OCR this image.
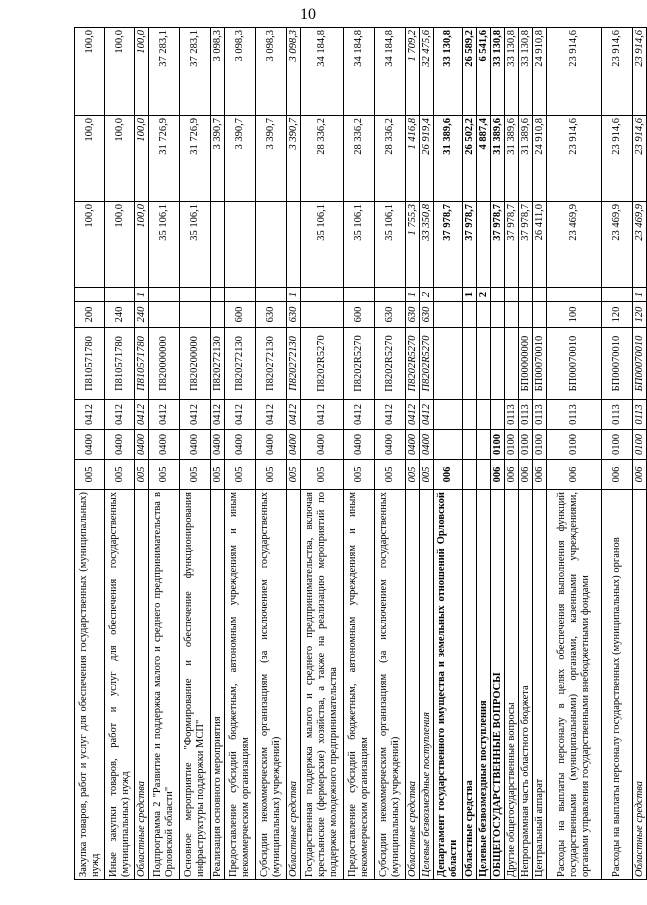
10
Закупка товаров, работ и услуг для обеспечения государственных (муниципальных) нужд	005	0400	0412	П810571780	200		100,0	100,0	100,0
Иные закупки товаров, работ и услуг для обеспечения государственных (муниципальных) нужд	005	0400	0412	П810571780	240		100,0	100,0	100,0
Областные средства	005	0400	0412	П810571780	240	1	100,0	100,0	100,0
Подпрограмма 2 "Развитие и поддержка малого и среднего предпринимательства в Орловской области"	005	0400	0412	П820000000			35 106,1	31 726,9	37 283,1
Основное мероприятие "Формирование и обеспечение функционирования инфраструктуры поддержки МСП"	005	0400	0412	П820200000			35 106,1	31 726,9	37 283,1
Реализация основного мероприятия	005	0400	0412	П820272130				3 390,7	3 098,3
Предоставление субсидий бюджетным, автономным учреждениям и иным некоммерческим организациям	005	0400	0412	П820272130	600			3 390,7	3 098,3
Субсидии некоммерческим организациям (за исключением государственных (муниципальных) учреждений)	005	0400	0412	П820272130	630			3 390,7	3 098,3
Областные средства	005	0400	0412	П820272130	630	1		3 390,7	3 098,3
Государственная поддержка малого и среднего предпринимательства, включая крестьянские (фермерские) хозяйства, а также на реализацию мероприятий по поддержке молодежного предпринимательства	005	0400	0412	П8202R5270			35 106,1	28 336,2	34 184,8
Предоставление субсидий бюджетным, автономным учреждениям и иным некоммерческим организациям	005	0400	0412	П8202R5270	600		35 106,1	28 336,2	34 184,8
Субсидии некоммерческим организациям (за исключением государственных (муниципальных) учреждений)	005	0400	0412	П8202R5270	630		35 106,1	28 336,2	34 184,8
Областные средства	005	0400	0412	П8202R5270	630	1	1 755,3	1 416,8	1 709,2
Целевые безвозмездные поступления	005	0400	0412	П8202R5270	630	2	33 350,8	26 919,4	32 475,6
Департамент государственного имущества и земельных отношений Орловской области	006						37 978,7	31 389,6	33 130,8
Областные средства						1	37 978,7	26 502,2	26 589,2
Целевые безвозмездные поступления						2		4 887,4	6 541,6
ОБЩЕГОСУДАРСТВЕННЫЕ ВОПРОСЫ	006	0100					37 978,7	31 389,6	33 130,8
Другие общегосударственные вопросы	006	0100	0113				37 978,7	31 389,6	33 130,8
Непрограммная часть областного бюджета	006	0100	0113	БП00000000			37 978,7	31 389,6	33 130,8
Центральный аппарат	006	0100	0113	БП00070010			26 411,0	24 910,8	24 910,8
Расходы на выплаты персоналу в целях обеспечения выполнения функций государственными (муниципальными) органами, казенными учреждениями, органами управления государственными внебюджетными фондами	006	0100	0113	БП00070010	100		23 469,9	23 914,6	23 914,6
Расходы на выплаты персоналу государственных (муниципальных) органов	006	0100	0113	БП00070010	120		23 469,9	23 914,6	23 914,6
Областные средства	006	0100	0113	БП00070010	120	1	23 469,9	23 914,6	23 914,6
